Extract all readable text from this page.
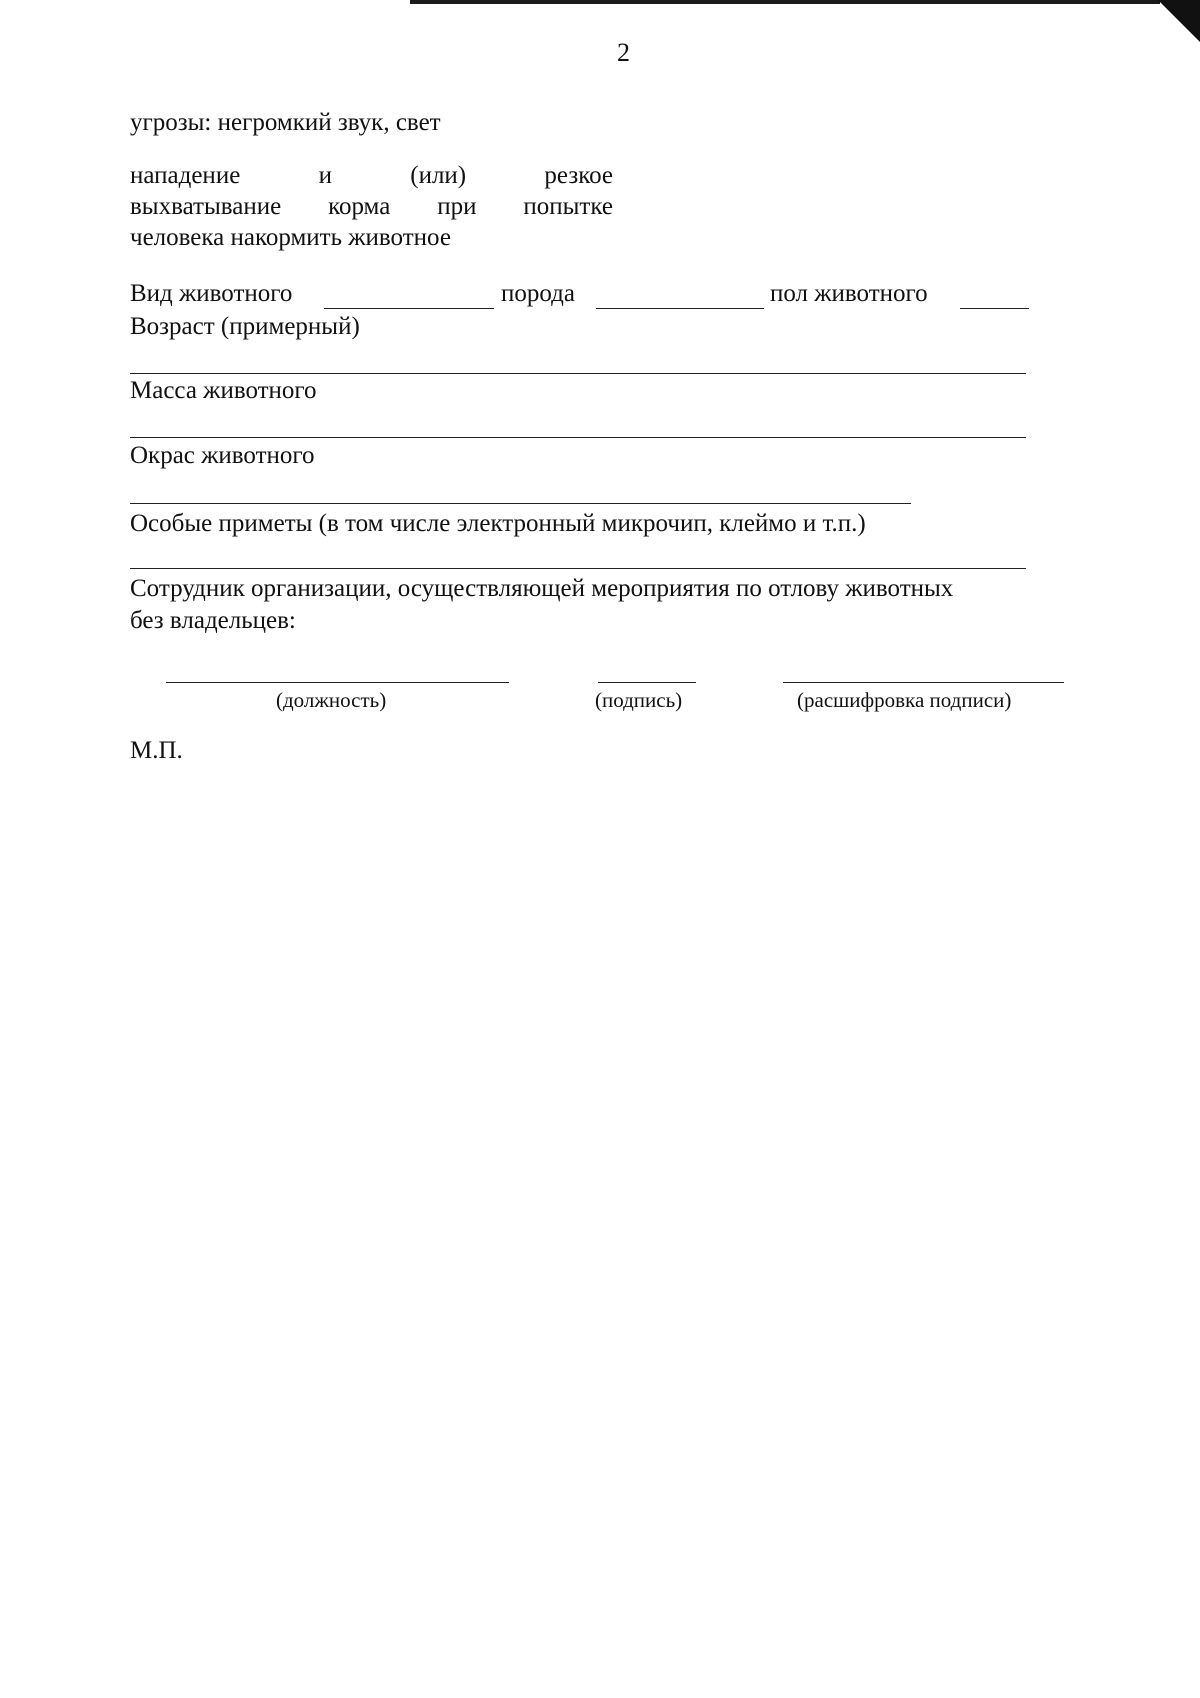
2
угрозы: негромкий звук, свет
нападение	и	(или)	резкое
выхватывание корма при попытке
человека накормить животное
Вид животного	порода	пол животного
Возраст (примерный)
Масса животного
Окрас животного
Особые приметы (в том числе электронный микрочип, клеймо и т.п.)
Сотрудник организации, осуществляющей мероприятия по отлову животных
без владельцев:
(должность)	(подпись)	(расшифровка подписи)
М.П.
